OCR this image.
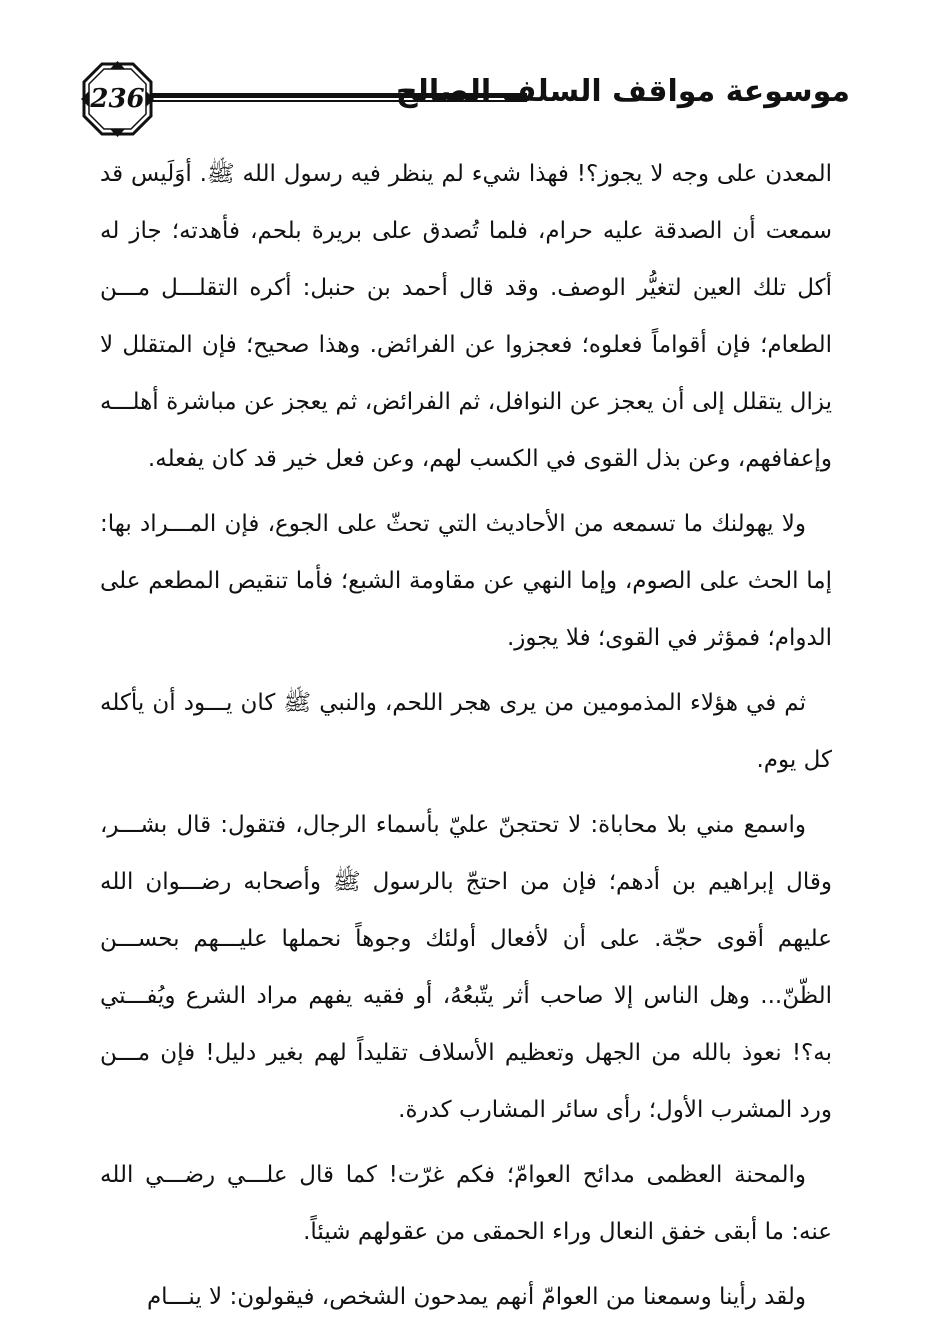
236	موسوعة مواقف السلف الصالح

المعدن على وجه لا يجوز؟! فهذا شيء لم ينظر فيه رسول الله ﷺ. أوَلَيس قد سمعت أن الصدقة عليه حرام، فلما تُصدق على بريرة بلحم، فأهدته؛ جاز له أكل تلك العين لتغيُّر الوصف. وقد قال أحمد بن حنبل: أكره التقلـــل مـــن الطعام؛ فإن أقواماً فعلوه؛ فعجزوا عن الفرائض. وهذا صحيح؛ فإن المتقلل لا يزال يتقلل إلى أن يعجز عن النوافل، ثم الفرائض، ثم يعجز عن مباشرة أهلـــه وإعفافهم، وعن بذل القوى في الكسب لهم، وعن فعل خير قد كان يفعله.

ولا يهولنك ما تسمعه من الأحاديث التي تحثّ على الجوع، فإن المـــراد بها: إما الحث على الصوم، وإما النهي عن مقاومة الشبع؛ فأما تنقيص المطعم على الدوام؛ فمؤثر في القوى؛ فلا يجوز.

ثم في هؤلاء المذمومين من يرى هجر اللحم، والنبي ﷺ كان يـــود أن يأكله كل يوم.

واسمع مني بلا محاباة: لا تحتجنّ عليّ بأسماء الرجال، فتقول: قال بشـــر، وقال إبراهيم بن أدهم؛ فإن من احتجّ بالرسول ﷺ وأصحابه رضـــوان الله عليهم أقوى حجّة. على أن لأفعال أولئك وجوهاً نحملها عليـــهم بحســـن الظّنّ... وهل الناس إلا صاحب أثر يتّبعُهُ، أو فقيه يفهم مراد الشرع ويُفـــتي به؟! نعوذ بالله من الجهل وتعظيم الأسلاف تقليداً لهم بغير دليل! فإن مـــن ورد المشرب الأول؛ رأى سائر المشارب كدرة.

والمحنة العظمى مدائح العوامّ؛ فكم غرّت! كما قال علـــي رضـــي الله عنه: ما أبقى خفق النعال وراء الحمقى من عقولهم شيئاً.

ولقد رأينا وسمعنا من العوامّ أنهم يمدحون الشخص، فيقولون: لا ينـــام
